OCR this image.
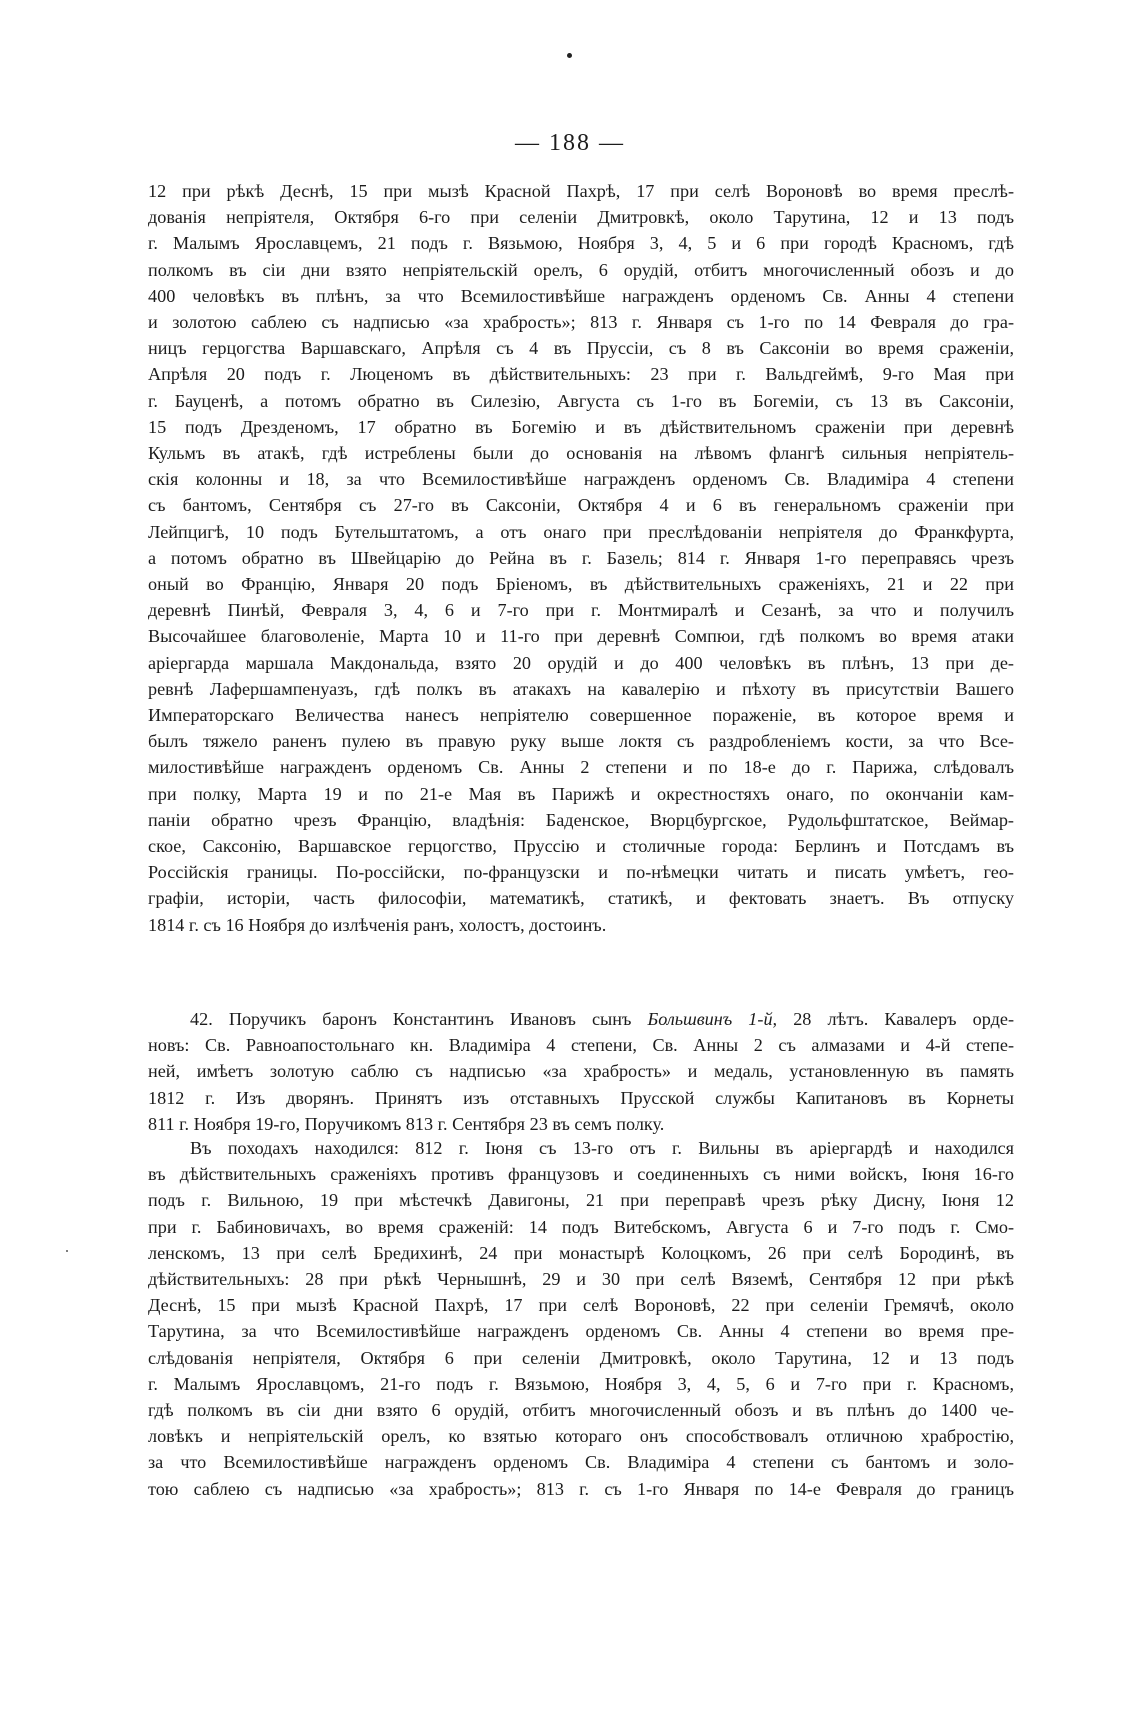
— 188 —
12 при рѣкѣ Деснѣ, 15 при мызѣ Красной Пахрѣ, 17 при селѣ Вороновѣ во время преслѣ-
дованія непріятеля, Октября 6-го при селеніи Дмитровкѣ, около Тарутина, 12 и 13 подъ
г. Малымъ Ярославцемъ, 21 подъ г. Вязьмою, Ноября 3, 4, 5 и 6 при городѣ Красномъ, гдѣ
полкомъ въ сіи дни взято непріятельскій орелъ, 6 орудій, отбитъ многочисленный обозъ и до
400 человѣкъ въ плѣнъ, за что Всемилостивѣйше награжденъ орденомъ Св. Анны 4 степени
и золотою саблею съ надписью «за храбрость»; 813 г. Января съ 1-го по 14 Февраля до гра-
ницъ герцогства Варшавскаго, Апрѣля съ 4 въ Пруссіи, съ 8 въ Саксоніи во время сраженіи,
Апрѣля 20 подъ г. Люценомъ въ дѣйствительныхъ: 23 при г. Вальдгеймѣ, 9-го Мая при
г. Бауценѣ, а потомъ обратно въ Силезію, Августа съ 1-го въ Богеміи, съ 13 въ Саксоніи,
15 подъ Дрезденомъ, 17 обратно въ Богемію и въ дѣйствительномъ сраженіи при деревнѣ
Кульмъ въ атакѣ, гдѣ истреблены были до основанія на лѣвомъ флангѣ сильныя непріятель-
скія колонны и 18, за что Всемилостивѣйше награжденъ орденомъ Св. Владиміра 4 степени
съ бантомъ, Сентября съ 27-го въ Саксоніи, Октября 4 и 6 въ генеральномъ сраженіи при
Лейпцигѣ, 10 подъ Бутельштатомъ, а отъ онаго при преслѣдованіи непріятеля до Франкфурта,
а потомъ обратно въ Швейцарію до Рейна въ г. Базель; 814 г. Января 1-го переправясь чрезъ
оный во Францію, Января 20 подъ Бріеномъ, въ дѣйствительныхъ сраженіяхъ, 21 и 22 при
деревнѣ Пинѣй, Февраля 3, 4, 6 и 7-го при г. Монтмиралѣ и Сезанѣ, за что и получилъ
Высочайшее благоволеніе, Марта 10 и 11-го при деревнѣ Сомпюи, гдѣ полкомъ во время атаки
аріергарда маршала Макдональда, взято 20 орудій и до 400 человѣкъ въ плѣнъ, 13 при де-
ревнѣ Лафершампенуазъ, гдѣ полкъ въ атакахъ на кавалерію и пѣхоту въ присутствіи Вашего
Императорскаго Величества нанесъ непріятелю совершенное пораженіе, въ которое время и
былъ тяжело раненъ пулею въ правую руку выше локтя съ раздробленіемъ кости, за что Все-
милостивѣйше награжденъ орденомъ Св. Анны 2 степени и по 18-е до г. Парижа, слѣдовалъ
при полку, Марта 19 и по 21-е Мая въ Парижѣ и окрестностяхъ онаго, по окончаніи кам-
паніи обратно чрезъ Францію, владѣнія: Баденское, Вюрцбургское, Рудольфштатское, Веймар-
ское, Саксонію, Варшавское герцогство, Пруссію и столичные города: Берлинъ и Потсдамъ въ
Россійскія границы. По-россійски, по-французски и по-нѣмецки читать и писать умѣетъ, гео-
графіи, исторіи, часть философіи, математикѣ, статикѣ, и фектовать знаетъ. Въ отпуску
1814 г. съ 16 Ноября до излѣченія ранъ, холостъ, достоинъ.
42. Поручикъ баронъ Константинъ Ивановъ сынъ Большвинъ 1-й, 28 лѣтъ. Кавалеръ орде-
новъ: Св. Равноапостольнаго кн. Владиміра 4 степени, Св. Анны 2 съ алмазами и 4-й степе-
ней, имѣетъ золотую саблю съ надписью «за храбрость» и медаль, установленную въ память
1812 г. Изъ дворянъ. Принятъ изъ отставныхъ Прусской службы Капитановъ въ Корнеты
811 г. Ноября 19-го, Поручикомъ 813 г. Сентября 23 въ семъ полку.
Въ походахъ находился: 812 г. Іюня съ 13-го отъ г. Вильны въ аріергардѣ и находился
въ дѣйствительныхъ сраженіяхъ противъ французовъ и соединенныхъ съ ними войскъ, Іюня 16-го
подъ г. Вильною, 19 при мѣстечкѣ Давигоны, 21 при переправѣ чрезъ рѣку Дисну, Іюня 12
при г. Бабиновичахъ, во время сраженій: 14 подъ Витебскомъ, Августа 6 и 7-го подъ г. Смо-
ленскомъ, 13 при селѣ Бредихинѣ, 24 при монастырѣ Колоцкомъ, 26 при селѣ Бородинѣ, въ
дѣйствительныхъ: 28 при рѣкѣ Чернышнѣ, 29 и 30 при селѣ Вяземѣ, Сентября 12 при рѣкѣ
Деснѣ, 15 при мызѣ Красной Пахрѣ, 17 при селѣ Вороновѣ, 22 при селеніи Гремячѣ, около
Тарутина, за что Всемилостивѣйше награжденъ орденомъ Св. Анны 4 степени во время пре-
слѣдованія непріятеля, Октября 6 при селеніи Дмитровкѣ, около Тарутина, 12 и 13 подъ
г. Малымъ Ярославцомъ, 21-го подъ г. Вязьмою, Ноября 3, 4, 5, 6 и 7-го при г. Красномъ,
гдѣ полкомъ въ сіи дни взято 6 орудій, отбитъ многочисленный обозъ и въ плѣнъ до 1400 че-
ловѣкъ и непріятельскій орелъ, ко взятью котораго онъ способствовалъ отличною храбростію,
за что Всемилостивѣйше награжденъ орденомъ Св. Владиміра 4 степени съ бантомъ и золо-
тою саблею съ надписью «за храбрость»; 813 г. съ 1-го Января по 14-е Февраля до границъ
